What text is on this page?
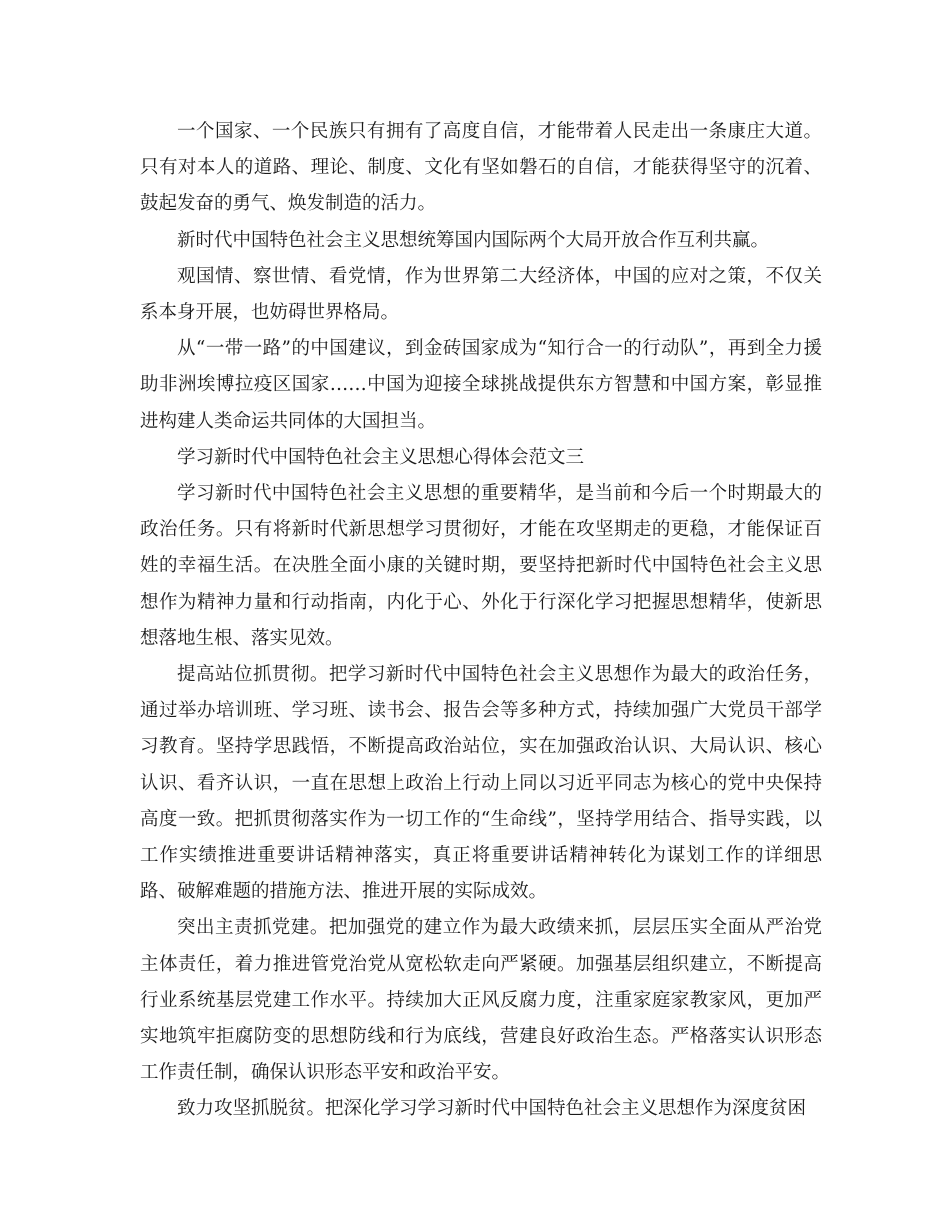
一个国家、一个民族只有拥有了高度自信，才能带着人民走出一条康庄大道。只有对本人的道路、理论、制度、文化有坚如磐石的自信，才能获得坚守的沉着、鼓起发奋的勇气、焕发制造的活力。

新时代中国特色社会主义思想统筹国内国际两个大局开放合作互利共赢。

观国情、察世情、看党情，作为世界第二大经济体，中国的应对之策，不仅关系本身开展，也妨碍世界格局。

从“一带一路”的中国建议，到金砖国家成为“知行合一的行动队”，再到全力援助非洲埃博拉疫区国家……中国为迎接全球挑战提供东方智慧和中国方案，彰显推进构建人类命运共同体的大国担当。

学习新时代中国特色社会主义思想心得体会范文三

学习新时代中国特色社会主义思想的重要精华，是当前和今后一个时期最大的政治任务。只有将新时代新思想学习贯彻好，才能在攻坚期走的更稳，才能保证百姓的幸福生活。在决胜全面小康的关键时期，要坚持把新时代中国特色社会主义思想作为精神力量和行动指南，内化于心、外化于行深化学习把握思想精华，使新思想落地生根、落实见效。

提高站位抓贯彻。把学习新时代中国特色社会主义思想作为最大的政治任务，通过举办培训班、学习班、读书会、报告会等多种方式，持续加强广大党员干部学习教育。坚持学思践悟，不断提高政治站位，实在加强政治认识、大局认识、核心认识、看齐认识，一直在思想上政治上行动上同以习近平同志为核心的党中央保持高度一致。把抓贯彻落实作为一切工作的“生命线”，坚持学用结合、指导实践，以工作实绩推进重要讲话精神落实，真正将重要讲话精神转化为谋划工作的详细思路、破解难题的措施方法、推进开展的实际成效。

突出主责抓党建。把加强党的建立作为最大政绩来抓，层层压实全面从严治党主体责任，着力推进管党治党从宽松软走向严紧硬。加强基层组织建立，不断提高行业系统基层党建工作水平。持续加大正风反腐力度，注重家庭家教家风，更加严实地筑牢拒腐防变的思想防线和行为底线，营建良好政治生态。严格落实认识形态工作责任制，确保认识形态平安和政治平安。

致力攻坚抓脱贫。把深化学习学习新时代中国特色社会主义思想作为深度贫困
